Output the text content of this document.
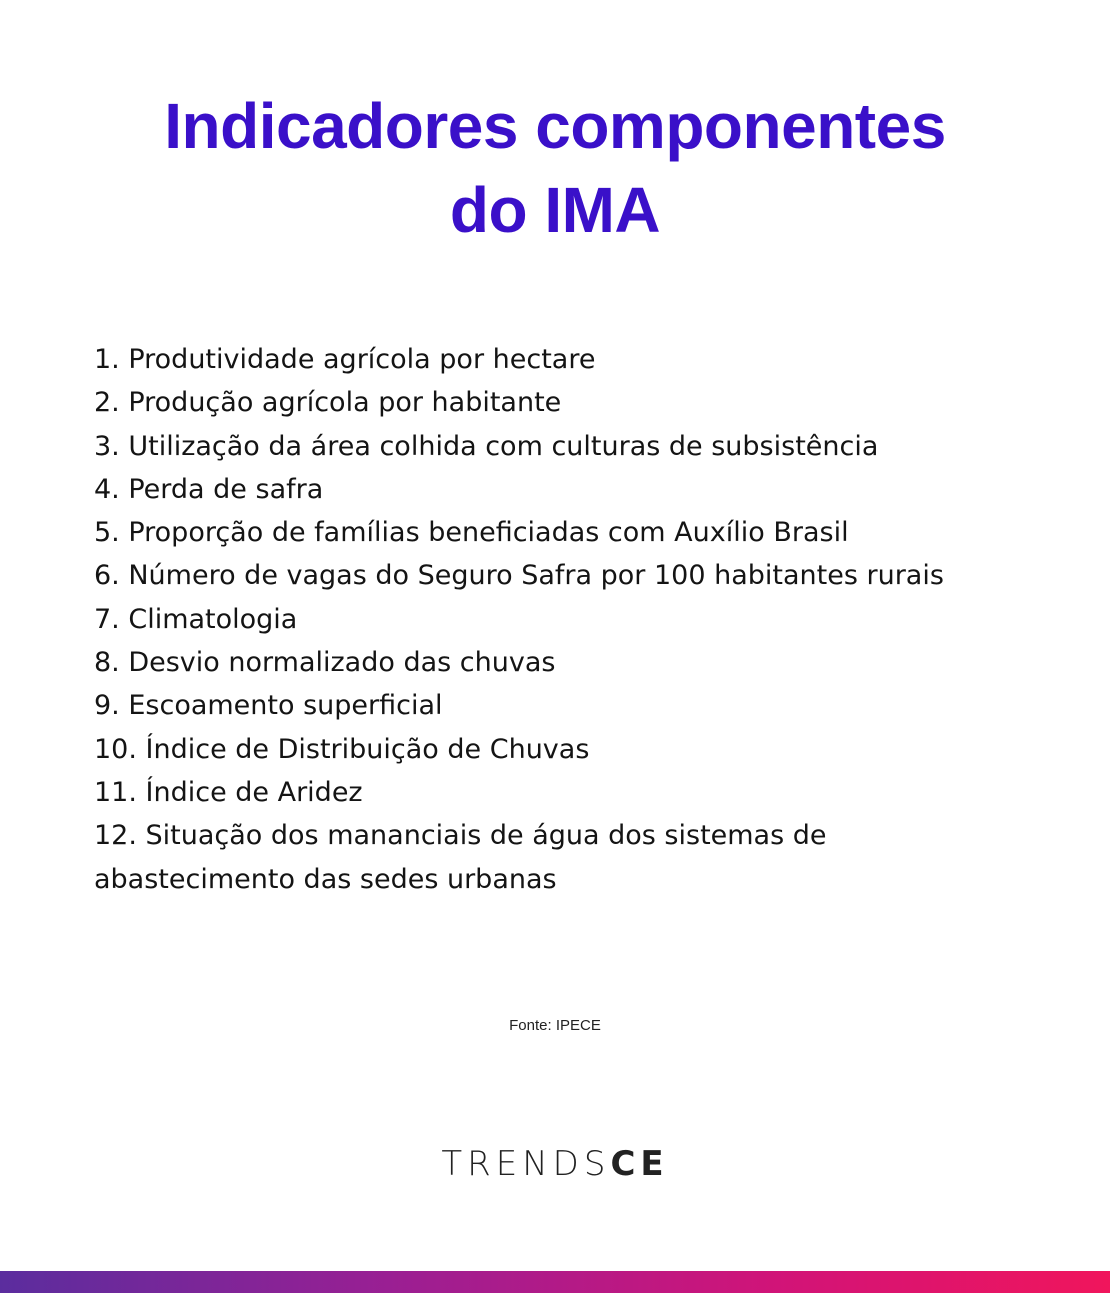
Indicadores componentes
do IMA
1. Produtividade agrícola por hectare
2. Produção agrícola por habitante
3. Utilização da área colhida com culturas de subsistência
4. Perda de safra
5. Proporção de famílias beneficiadas com Auxílio Brasil
6. Número de vagas do Seguro Safra por 100 habitantes rurais
7. Climatologia
8. Desvio normalizado das chuvas
9. Escoamento superficial
10. Índice de Distribuição de Chuvas
11. Índice de Aridez
12. Situação dos mananciais de água dos sistemas de abastecimento das sedes urbanas
Fonte: IPECE
TRENDSCE
